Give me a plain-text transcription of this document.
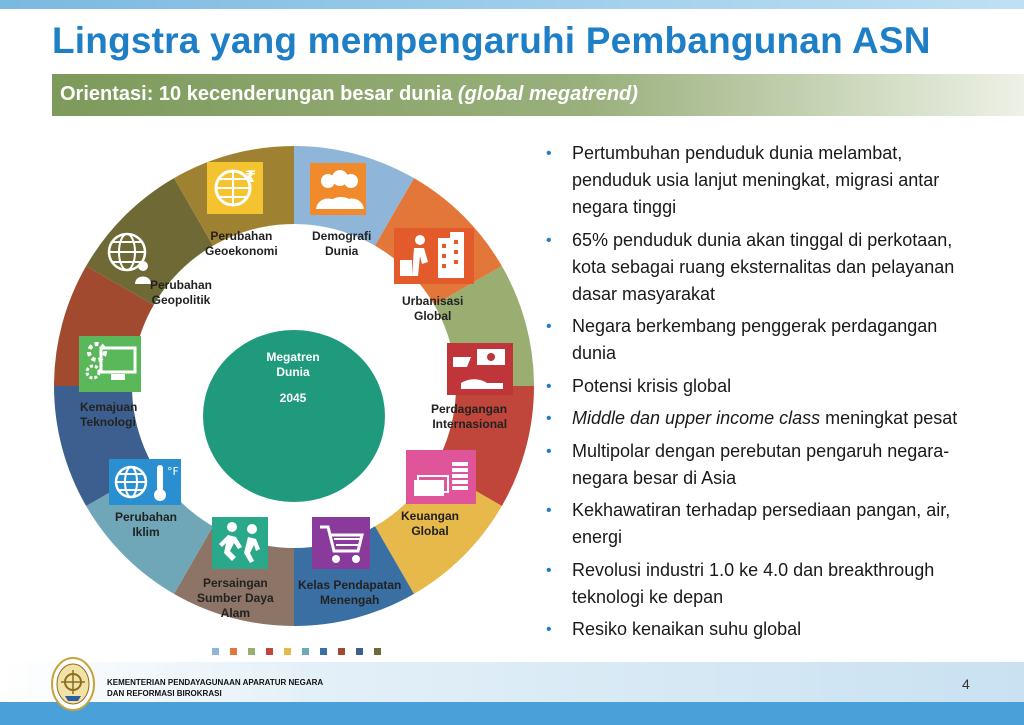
Lingstra yang mempengaruhi Pembangunan ASN
Orientasi: 10 kecenderungan besar dunia (global megatrend)
Megatren
Dunia
2045
₹
°F
Perubahan
Geoekonomi
Demografi
Dunia
Perubahan
Geopolitik	Urbanisasi
Global
Kemajuan
Teknologi
Perdagangan
Internasional
Perubahan
Iklim
Keuangan
Global
Persaingan
Sumber Daya
Alam
Kelas Pendapatan
Menengah
• Pertumbuhan penduduk dunia melambat, penduduk usia lanjut meningkat, migrasi antar negara tinggi
• 65% penduduk dunia akan tinggal di perkotaan, kota sebagai ruang eksternalitas dan pelayanan dasar masyarakat
• Negara berkembang penggerak perdagangan dunia
• Potensi krisis global
• Middle dan upper income class meningkat pesat
• Multipolar dengan perebutan pengaruh negara-negara besar di Asia
• Kekhawatiran terhadap persediaan pangan, air, energi
• Revolusi industri 1.0 ke 4.0 dan breakthrough teknologi ke depan
• Resiko kenaikan suhu global
KEMENTERIAN PENDAYAGUNAAN APARATUR NEGARA
DAN REFORMASI BIROKRASI
4
